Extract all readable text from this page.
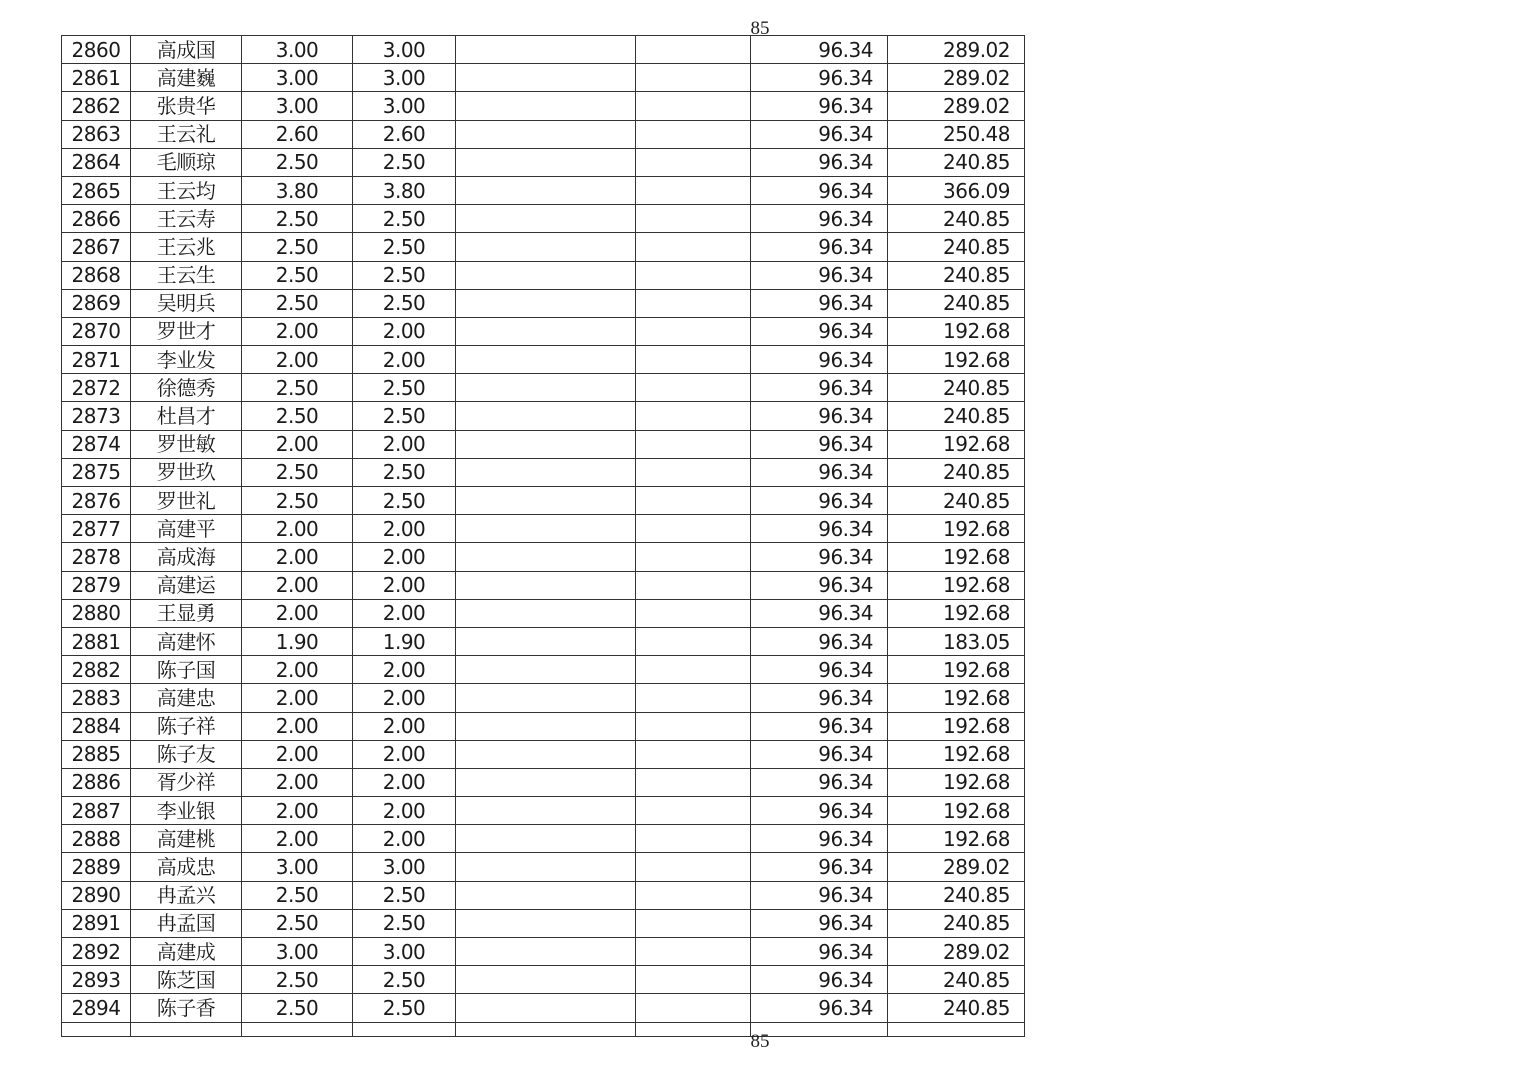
85
2860	高成国	3.00	3.00			96.34	289.02
2861	高建巍	3.00	3.00			96.34	289.02
2862	张贵华	3.00	3.00			96.34	289.02
2863	王云礼	2.60	2.60			96.34	250.48
2864	毛顺琼	2.50	2.50			96.34	240.85
2865	王云均	3.80	3.80			96.34	366.09
2866	王云寿	2.50	2.50			96.34	240.85
2867	王云兆	2.50	2.50			96.34	240.85
2868	王云生	2.50	2.50			96.34	240.85
2869	吴明兵	2.50	2.50			96.34	240.85
2870	罗世才	2.00	2.00			96.34	192.68
2871	李业发	2.00	2.00			96.34	192.68
2872	徐德秀	2.50	2.50			96.34	240.85
2873	杜昌才	2.50	2.50			96.34	240.85
2874	罗世敏	2.00	2.00			96.34	192.68
2875	罗世玖	2.50	2.50			96.34	240.85
2876	罗世礼	2.50	2.50			96.34	240.85
2877	高建平	2.00	2.00			96.34	192.68
2878	高成海	2.00	2.00			96.34	192.68
2879	高建运	2.00	2.00			96.34	192.68
2880	王显勇	2.00	2.00			96.34	192.68
2881	高建怀	1.90	1.90			96.34	183.05
2882	陈子国	2.00	2.00			96.34	192.68
2883	高建忠	2.00	2.00			96.34	192.68
2884	陈子祥	2.00	2.00			96.34	192.68
2885	陈子友	2.00	2.00			96.34	192.68
2886	胥少祥	2.00	2.00			96.34	192.68
2887	李业银	2.00	2.00			96.34	192.68
2888	高建桃	2.00	2.00			96.34	192.68
2889	高成忠	3.00	3.00			96.34	289.02
2890	冉孟兴	2.50	2.50			96.34	240.85
2891	冉孟国	2.50	2.50			96.34	240.85
2892	高建成	3.00	3.00			96.34	289.02
2893	陈芝国	2.50	2.50			96.34	240.85
2894	陈子香	2.50	2.50			96.34	240.85

85
